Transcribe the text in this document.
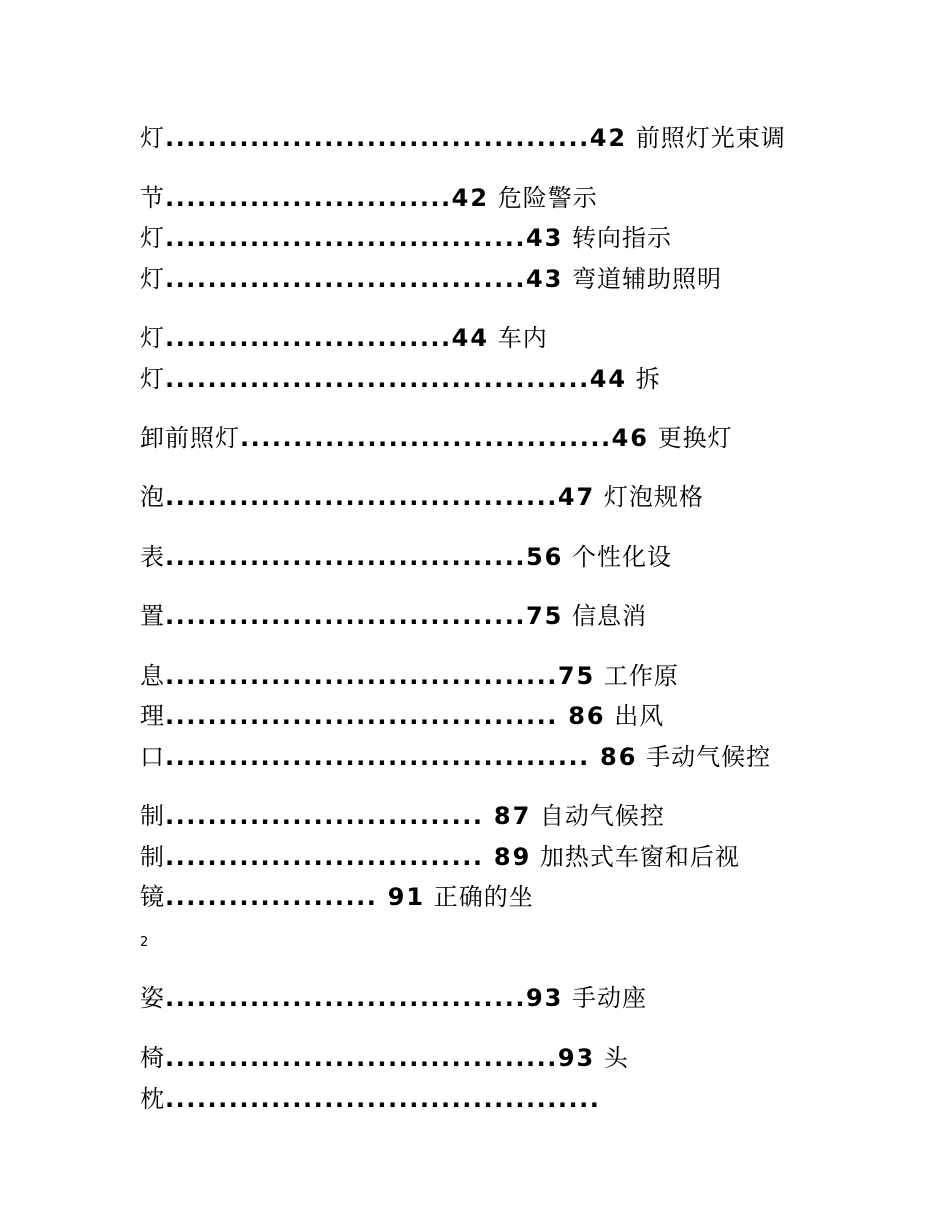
灯........................................42 前照灯光束调
节...........................42 危险警示
灯..................................43 转向指示
灯..................................43 弯道辅助照明
灯...........................44 车内
灯........................................44 拆
卸前照灯...................................46 更换灯
泡.....................................47 灯泡规格
表..................................56 个性化设
置..................................75 信息消
息.....................................75 工作原
理..................................... 86 出风
口........................................ 86 手动气候控
制.............................. 87 自动气候控
制.............................. 89 加热式车窗和后视
镜.................... 91 正确的坐
2
姿..................................93 手动座
椅.....................................93 头
枕.........................................
